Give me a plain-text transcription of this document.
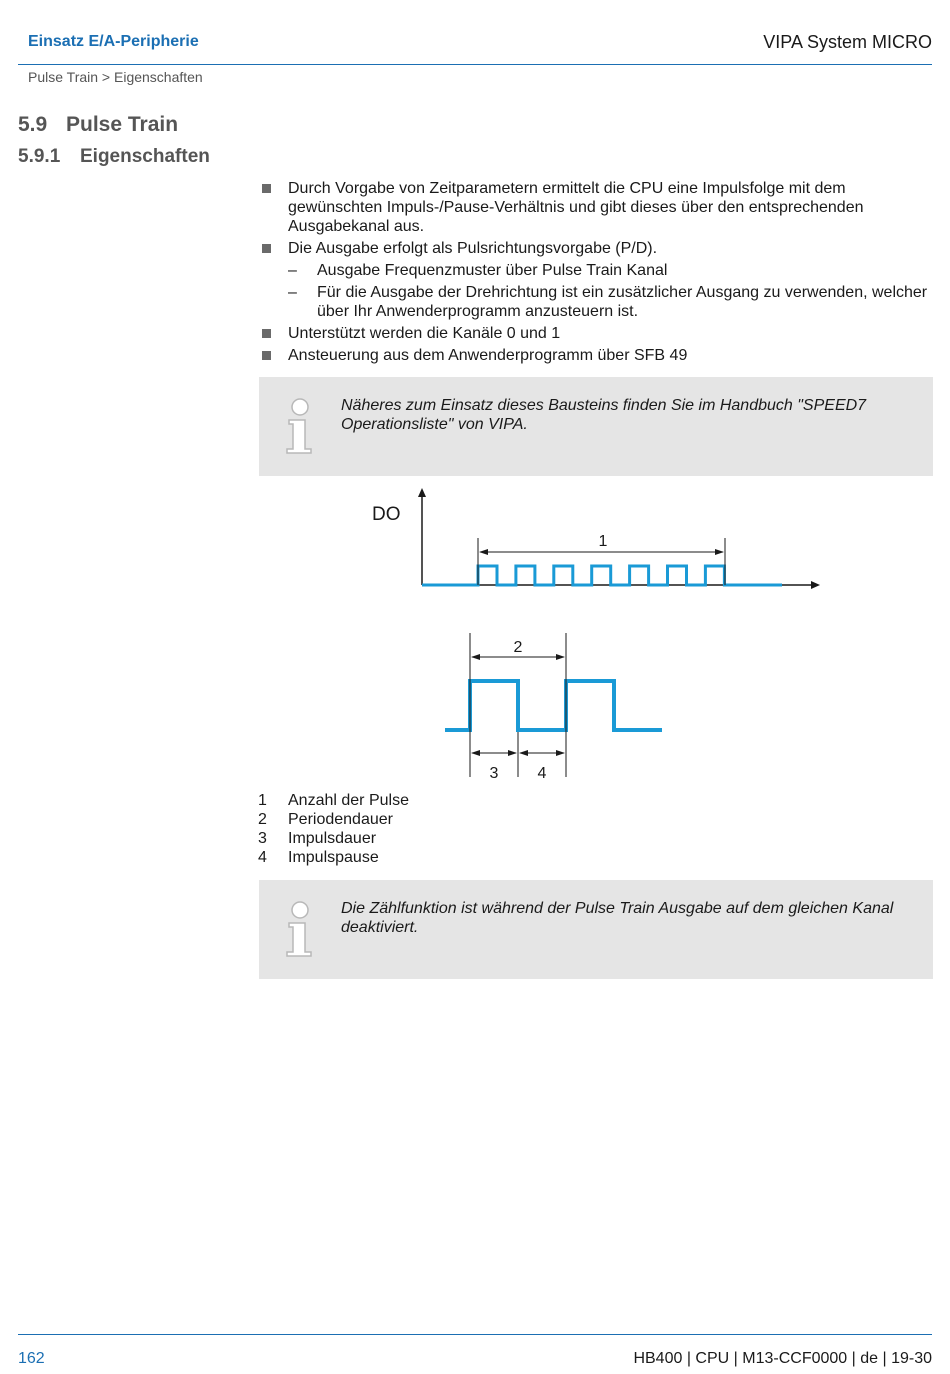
Einsatz E/A-Peripherie	VIPA System MICRO
Pulse Train > Eigenschaften
5.9 Pulse Train
5.9.1 Eigenschaften
Durch Vorgabe von Zeitparametern ermittelt die CPU eine Impulsfolge mit dem gewünschten Impuls-/Pause-Verhältnis und gibt dieses über den entsprechenden Ausgabekanal aus.
Die Ausgabe erfolgt als Pulsrichtungsvorgabe (P/D).
– Ausgabe Frequenzmuster über Pulse Train Kanal
– Für die Ausgabe der Drehrichtung ist ein zusätzlicher Ausgang zu verwenden, welcher über Ihr Anwenderprogramm anzusteuern ist.
Unterstützt werden die Kanäle 0 und 1
Ansteuerung aus dem Anwenderprogramm über SFB 49
Näheres zum Einsatz dieses Bausteins finden Sie im Handbuch "SPEED7 Operationsliste" von VIPA.
DO
1
2
3 4
1 Anzahl der Pulse
2 Periodendauer
3 Impulsdauer
4 Impulspause
Die Zählfunktion ist während der Pulse Train Ausgabe auf dem gleichen Kanal deaktiviert.
162	HB400 | CPU | M13-CCF0000 | de | 19-30
